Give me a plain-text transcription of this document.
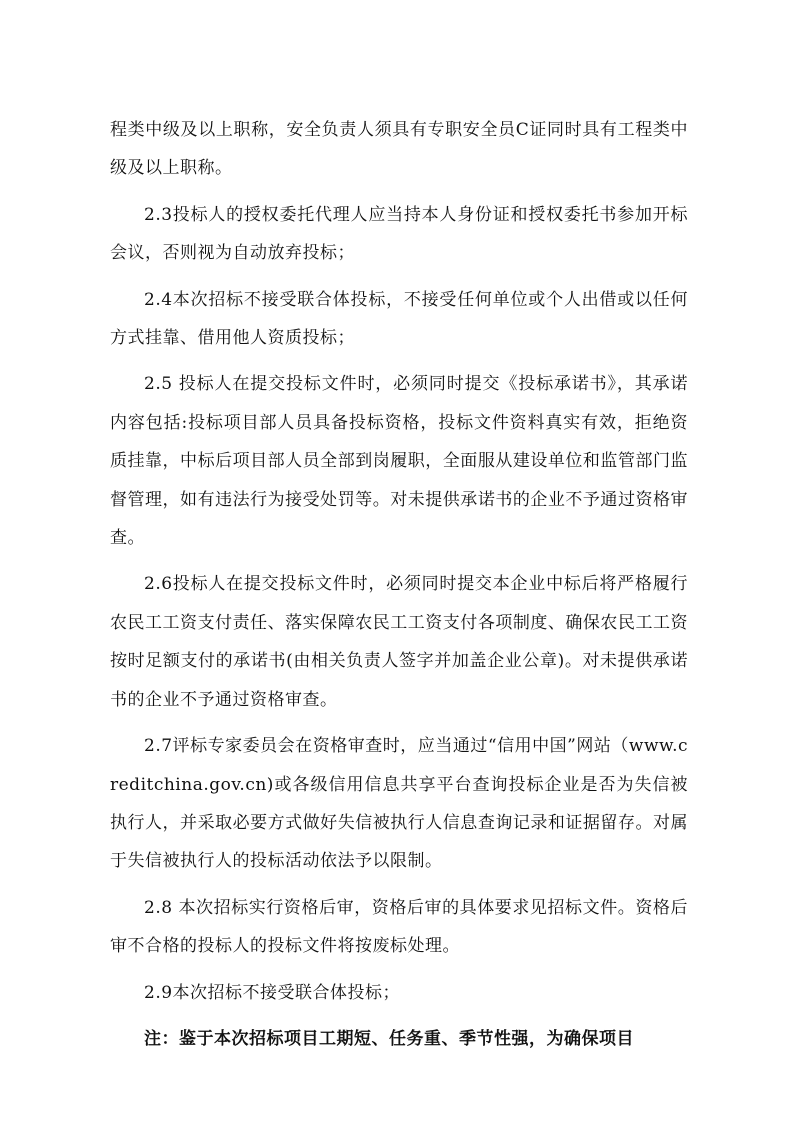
程类中级及以上职称，安全负责人须具有专职安全员C证同时具有工程类中级及以上职称。

2.3投标人的授权委托代理人应当持本人身份证和授权委托书参加开标会议，否则视为自动放弃投标；

2.4本次招标不接受联合体投标，不接受任何单位或个人出借或以任何方式挂靠、借用他人资质投标；

2.5 投标人在提交投标文件时，必须同时提交《投标承诺书》，其承诺内容包括:投标项目部人员具备投标资格，投标文件资料真实有效，拒绝资质挂靠，中标后项目部人员全部到岗履职，全面服从建设单位和监管部门监督管理，如有违法行为接受处罚等。对未提供承诺书的企业不予通过资格审查。

2.6投标人在提交投标文件时，必须同时提交本企业中标后将严格履行农民工工资支付责任、落实保障农民工工资支付各项制度、确保农民工工资按时足额支付的承诺书(由相关负责人签字并加盖企业公章)。对未提供承诺书的企业不予通过资格审查。

2.7评标专家委员会在资格审查时，应当通过“信用中国”网站（www.creditchina.gov.cn)或各级信用信息共享平台查询投标企业是否为失信被执行人，并采取必要方式做好失信被执行人信息查询记录和证据留存。对属于失信被执行人的投标活动依法予以限制。

2.8 本次招标实行资格后审，资格后审的具体要求见招标文件。资格后审不合格的投标人的投标文件将按废标处理。

2.9本次招标不接受联合体投标；

注：鉴于本次招标项目工期短、任务重、季节性强，为确保项目
